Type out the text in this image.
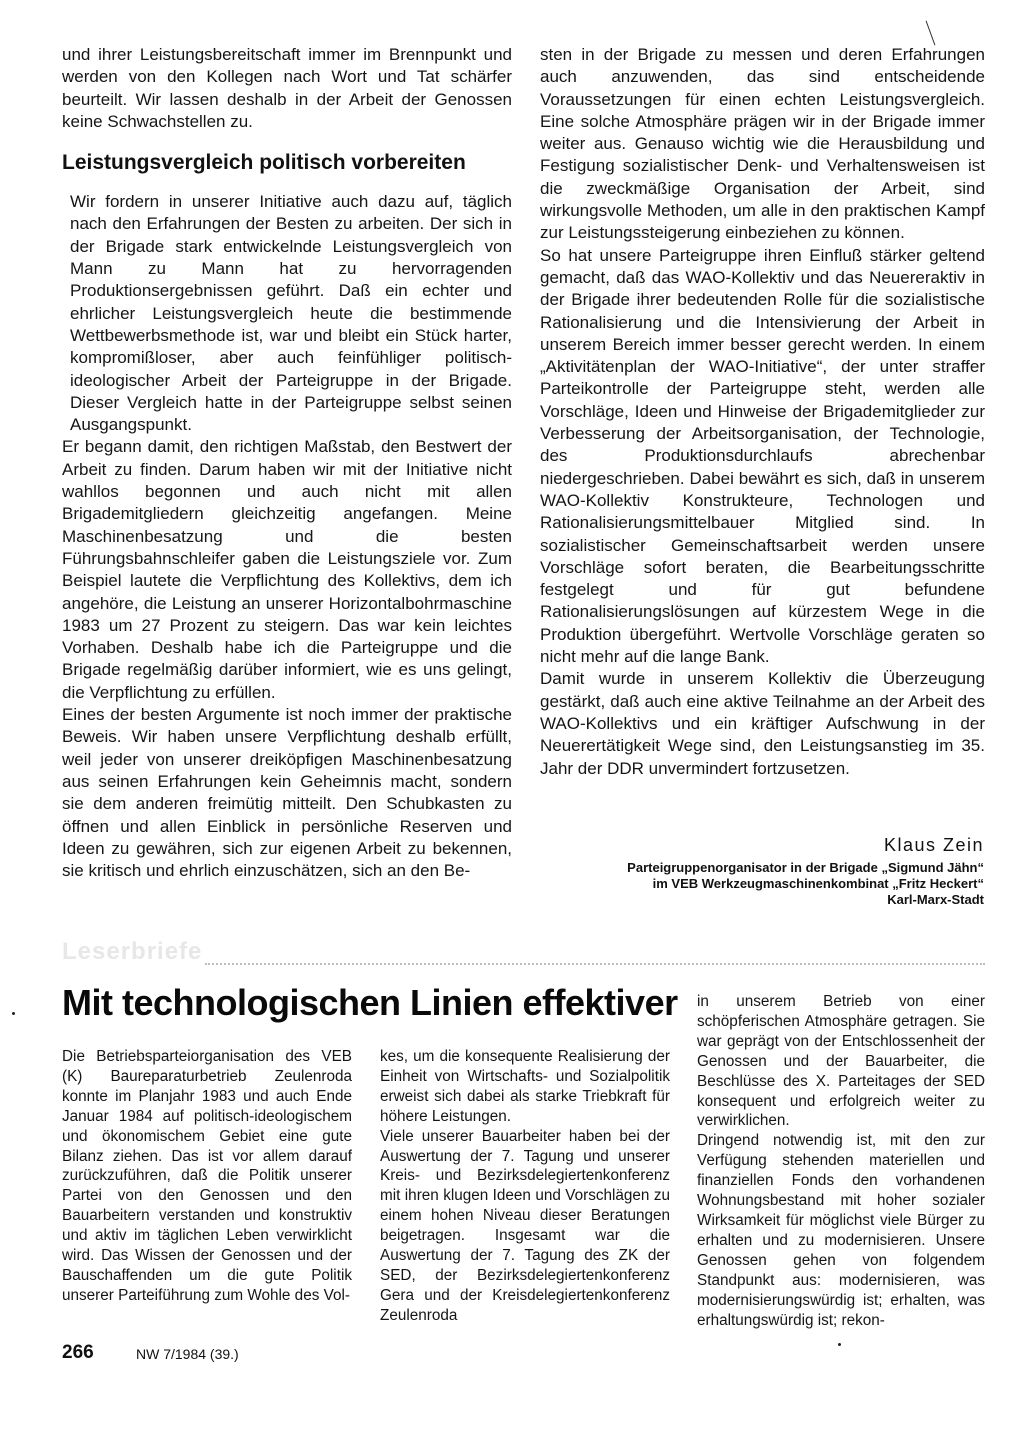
und ihrer Leistungsbereitschaft immer im Brennpunkt und werden von den Kollegen nach Wort und Tat schärfer beurteilt. Wir lassen deshalb in der Arbeit der Genossen keine Schwachstellen zu.

Leistungsvergleich politisch vorbereiten

Wir fordern in unserer Initiative auch dazu auf, täglich nach den Erfahrungen der Besten zu arbeiten. Der sich in der Brigade stark entwickelnde Leistungsvergleich von Mann zu Mann hat zu hervorragenden Produktionsergebnissen geführt. Daß ein echter und ehrlicher Leistungsvergleich heute die bestimmende Wettbewerbsmethode ist, war und bleibt ein Stück harter, kompromißloser, aber auch feinfühliger politisch-ideologischer Arbeit der Parteigruppe in der Brigade. Dieser Vergleich hatte in der Parteigruppe selbst seinen Ausgangspunkt.

Er begann damit, den richtigen Maßstab, den Bestwert der Arbeit zu finden. Darum haben wir mit der Initiative nicht wahllos begonnen und auch nicht mit allen Brigademitgliedern gleichzeitig angefangen. Meine Maschinenbesatzung und die besten Führungsbahnschleifer gaben die Leistungsziele vor. Zum Beispiel lautete die Verpflichtung des Kollektivs, dem ich angehöre, die Leistung an unserer Horizontalbohrmaschine 1983 um 27 Prozent zu steigern. Das war kein leichtes Vorhaben. Deshalb habe ich die Parteigruppe und die Brigade regelmäßig darüber informiert, wie es uns gelingt, die Verpflichtung zu erfüllen.

Eines der besten Argumente ist noch immer der praktische Beweis. Wir haben unsere Verpflichtung deshalb erfüllt, weil jeder von unserer dreiköpfigen Maschinenbesatzung aus seinen Erfahrungen kein Geheimnis macht, sondern sie dem anderen freimütig mitteilt. Den Schubkasten zu öffnen und allen Einblick in persönliche Reserven und Ideen zu gewähren, sich zur eigenen Arbeit zu bekennen, sie kritisch und ehrlich einzuschätzen, sich an den Be-

sten in der Brigade zu messen und deren Erfahrungen auch anzuwenden, das sind entscheidende Voraussetzungen für einen echten Leistungsvergleich. Eine solche Atmosphäre prägen wir in der Brigade immer weiter aus. Genauso wichtig wie die Herausbildung und Festigung sozialistischer Denk- und Verhaltensweisen ist die zweckmäßige Organisation der Arbeit, sind wirkungsvolle Methoden, um alle in den praktischen Kampf zur Leistungssteigerung einbeziehen zu können.

So hat unsere Parteigruppe ihren Einfluß stärker geltend gemacht, daß das WAO-Kollektiv und das Neuereraktiv in der Brigade ihrer bedeutenden Rolle für die sozialistische Rationalisierung und die Intensivierung der Arbeit in unserem Bereich immer besser gerecht werden. In einem „Aktivitätenplan der WAO-Initiative“, der unter straffer Parteikontrolle der Parteigruppe steht, werden alle Vorschläge, Ideen und Hinweise der Brigademitglieder zur Verbesserung der Arbeitsorganisation, der Technologie, des Produktionsdurchlaufs abrechenbar niedergeschrieben. Dabei bewährt es sich, daß in unserem WAO-Kollektiv Konstrukteure, Technologen und Rationalisierungsmittelbauer Mitglied sind. In sozialistischer Gemeinschaftsarbeit werden unsere Vorschläge sofort beraten, die Bearbeitungsschritte festgelegt und für gut befundene Rationalisierungslösungen auf kürzestem Wege in die Produktion übergeführt. Wertvolle Vorschläge geraten so nicht mehr auf die lange Bank.

Damit wurde in unserem Kollektiv die Überzeugung gestärkt, daß auch eine aktive Teilnahme an der Arbeit des WAO-Kollektivs und ein kräftiger Aufschwung in der Neuerertätigkeit Wege sind, den Leistungsanstieg im 35. Jahr der DDR unvermindert fortzusetzen.

Klaus Zein
Parteigruppenorganisator in der Brigade „Sigmund Jähn“
im VEB Werkzeugmaschinenkombinat „Fritz Heckert“
Karl-Marx-Stadt
Leserbriefe
Mit technologischen Linien effektiver

Die Betriebsparteiorganisation des VEB (K) Baureparaturbetrieb Zeulenroda konnte im Planjahr 1983 und auch Ende Januar 1984 auf politisch-ideologischem und ökonomischem Gebiet eine gute Bilanz ziehen. Das ist vor allem darauf zurückzuführen, daß die Politik unserer Partei von den Genossen und den Bauarbeitern verstanden und konstruktiv und aktiv im täglichen Leben verwirklicht wird. Das Wissen der Genossen und der Bauschaffenden um die gute Politik unserer Parteiführung zum Wohle des Vol-

kes, um die konsequente Realisierung der Einheit von Wirtschafts- und Sozialpolitik erweist sich dabei als starke Triebkraft für höhere Leistungen.

Viele unserer Bauarbeiter haben bei der Auswertung der 7. Tagung und unserer Kreis- und Bezirksdelegiertenkonferenz mit ihren klugen Ideen und Vorschlägen zu einem hohen Niveau dieser Beratungen beigetragen. Insgesamt war die Auswertung der 7. Tagung des ZK der SED, der Bezirksdelegiertenkonferenz Gera und der Kreisdelegiertenkonferenz Zeulenroda

in unserem Betrieb von einer schöpferischen Atmosphäre getragen. Sie war geprägt von der Entschlossenheit der Genossen und der Bauarbeiter, die Beschlüsse des X. Parteitages der SED konsequent und erfolgreich weiter zu verwirklichen.

Dringend notwendig ist, mit den zur Verfügung stehenden materiellen und finanziellen Fonds den vorhandenen Wohnungsbestand mit hoher sozialer Wirksamkeit für möglichst viele Bürger zu erhalten und zu modernisieren. Unsere Genossen gehen von folgendem Standpunkt aus: modernisieren, was modernisierungswürdig ist; erhalten, was erhaltungswürdig ist; rekon-

266	NW 7/1984 (39.)
